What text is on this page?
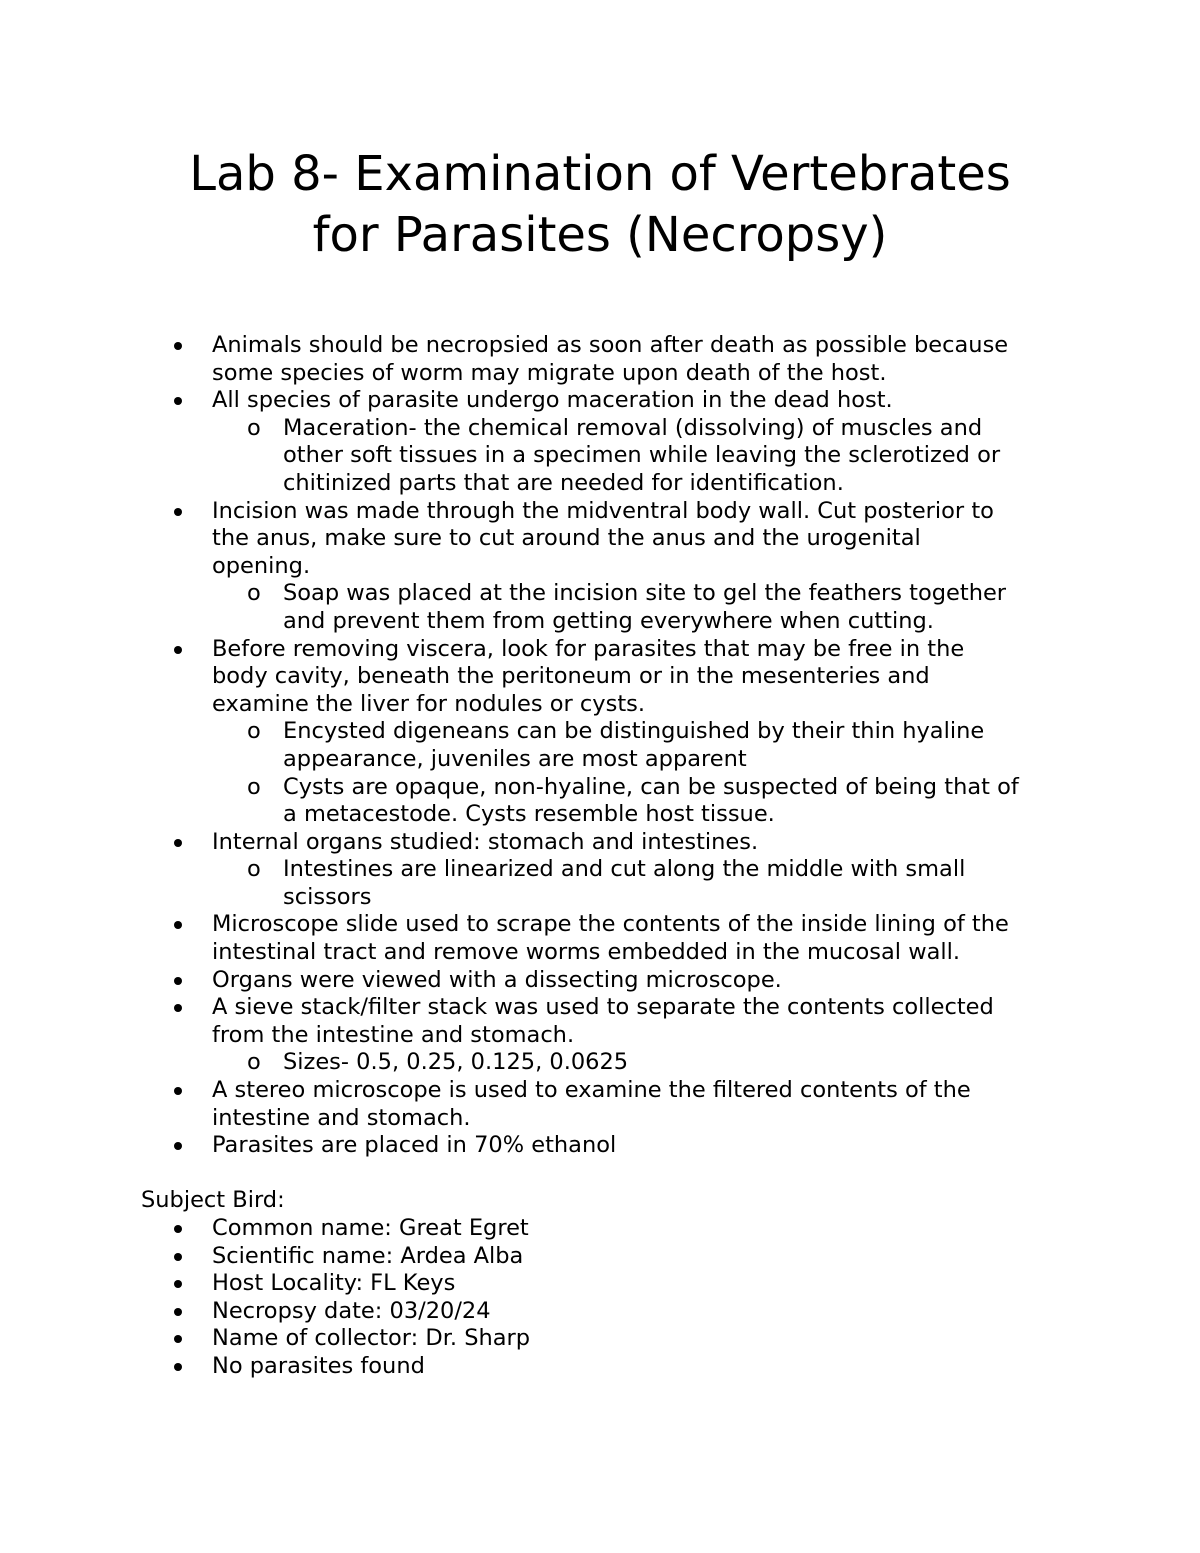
Lab 8- Examination of Vertebrates
for Parasites (Necropsy)
Animals should be necropsied as soon after death as possible because
some species of worm may migrate upon death of the host.
All species of parasite undergo maceration in the dead host.
o Maceration- the chemical removal (dissolving) of muscles and
other soft tissues in a specimen while leaving the sclerotized or
chitinized parts that are needed for identification.
Incision was made through the midventral body wall. Cut posterior to
the anus, make sure to cut around the anus and the urogenital
opening.
o Soap was placed at the incision site to gel the feathers together
and prevent them from getting everywhere when cutting.
Before removing viscera, look for parasites that may be free in the
body cavity, beneath the peritoneum or in the mesenteries and
examine the liver for nodules or cysts.
o Encysted digeneans can be distinguished by their thin hyaline
appearance, juveniles are most apparent
o Cysts are opaque, non-hyaline, can be suspected of being that of
a metacestode. Cysts resemble host tissue.
Internal organs studied: stomach and intestines.
o Intestines are linearized and cut along the middle with small
scissors
Microscope slide used to scrape the contents of the inside lining of the
intestinal tract and remove worms embedded in the mucosal wall.
Organs were viewed with a dissecting microscope.
A sieve stack/filter stack was used to separate the contents collected
from the intestine and stomach.
o Sizes- 0.5, 0.25, 0.125, 0.0625
A stereo microscope is used to examine the filtered contents of the
intestine and stomach.
Parasites are placed in 70% ethanol
Subject Bird:
Common name: Great Egret
Scientific name: Ardea Alba
Host Locality: FL Keys
Necropsy date: 03/20/24
Name of collector: Dr. Sharp
No parasites found
